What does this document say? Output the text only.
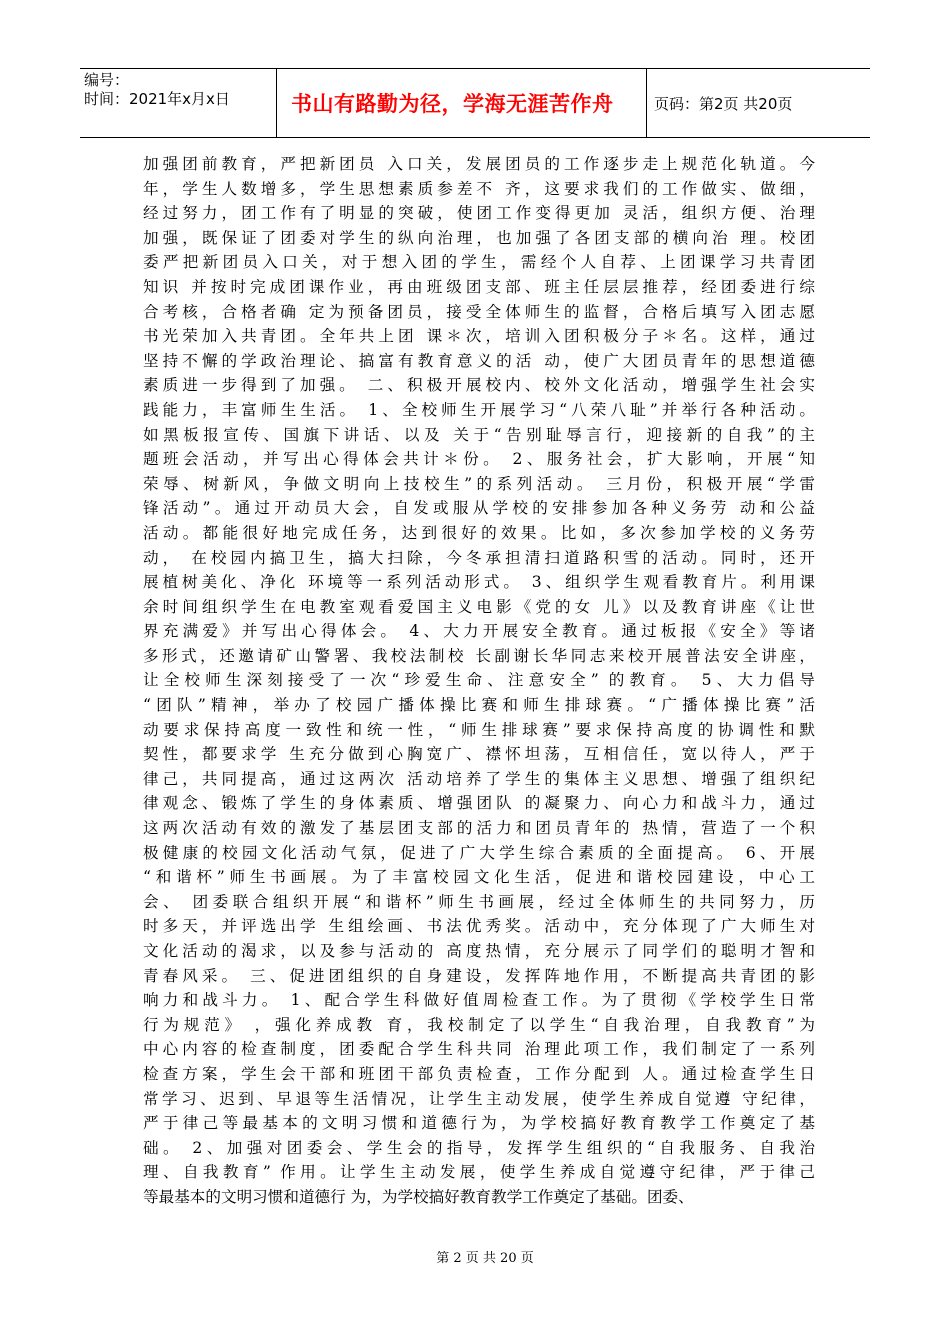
编号：
时间：2021年x月x日	书山有路勤为径，学海无涯苦作舟	页码：第2页 共20页
加强团前教育，严把新团员 入口关，发展团员的工作逐步走上规范化轨道。今
年，学生人数增多，学生思想素质参差不 齐，这要求我们的工作做实、做细，
经过努力，团工作有了明显的突破，使团工作变得更加 灵活，组织方便、治理
加强，既保证了团委对学生的纵向治理，也加强了各团支部的横向治 理。校团
委严把新团员入口关，对于想入团的学生，需经个人自荐、上团课学习共青团
知识 并按时完成团课作业，再由班级团支部、班主任层层推荐，经团委进行综
合考核，合格者确 定为预备团员，接受全体师生的监督，合格后填写入团志愿
书光荣加入共青团。全年共上团 课＊次，培训入团积极分子＊名。这样，通过
坚持不懈的学政治理论、搞富有教育意义的活 动，使广大团员青年的思想道德
素质进一步得到了加强。 二、积极开展校内、校外文化活动，增强学生社会实
践能力，丰富师生生活。 1、全校师生开展学习“八荣八耻”并举行各种活动。
如黑板报宣传、国旗下讲话、以及 关于“告别耻辱言行，迎接新的自我”的主
题班会活动，并写出心得体会共计＊份。 2、服务社会，扩大影响，开展“知
荣辱、树新风，争做文明向上技校生”的系列活动。 三月份，积极开展“学雷
锋活动”。通过开动员大会，自发或服从学校的安排参加各种义务劳 动和公益
活动。都能很好地完成任务，达到很好的效果。比如，多次参加学校的义务劳
动， 在校园内搞卫生，搞大扫除，今冬承担清扫道路积雪的活动。同时，还开
展植树美化、净化 环境等一系列活动形式。 3、组织学生观看教育片。利用课
余时间组织学生在电教室观看爱国主义电影《党的女 儿》以及教育讲座《让世
界充满爱》并写出心得体会。 4、大力开展安全教育。通过板报《安全》等诸
多形式，还邀请矿山警署、我校法制校 长副谢长华同志来校开展普法安全讲座，
让全校师生深刻接受了一次“珍爱生命、注意安全” 的教育。 5、大力倡导
“团队”精神，举办了校园广播体操比赛和师生排球赛。“广播体操比赛”活
动要求保持高度一致性和统一性，“师生排球赛”要求保持高度的协调性和默
契性，都要求学 生充分做到心胸宽广、襟怀坦荡，互相信任，宽以待人，严于
律己，共同提高，通过这两次 活动培养了学生的集体主义思想、增强了组织纪
律观念、锻炼了学生的身体素质、增强团队 的凝聚力、向心力和战斗力，通过
这两次活动有效的激发了基层团支部的活力和团员青年的 热情，营造了一个积
极健康的校园文化活动气氛，促进了广大学生综合素质的全面提高。 6、开展
“和谐杯”师生书画展。为了丰富校园文化生活，促进和谐校园建设，中心工
会、 团委联合组织开展“和谐杯”师生书画展，经过全体师生的共同努力，历
时多天，并评选出学 生组绘画、书法优秀奖。活动中，充分体现了广大师生对
文化活动的渴求，以及参与活动的 高度热情，充分展示了同学们的聪明才智和
青春风采。 三、促进团组织的自身建设，发挥阵地作用，不断提高共青团的影
响力和战斗力。 1、配合学生科做好值周检查工作。为了贯彻《学校学生日常
行为规范》 ，强化养成教 育，我校制定了以学生“自我治理，自我教育”为
中心内容的检查制度，团委配合学生科共同 治理此项工作，我们制定了一系列
检查方案，学生会干部和班团干部负责检查，工作分配到 人。通过检查学生日
常学习、迟到、早退等生活情况，让学生主动发展，使学生养成自觉遵 守纪律，
严于律己等最基本的文明习惯和道德行为，为学校搞好教育教学工作奠定了基
础。 2、加强对团委会、学生会的指导，发挥学生组织的“自我服务、自我治
理、自我教育” 作用。让学生主动发展，使学生养成自觉遵守纪律，严于律己
等最基本的文明习惯和道德行 为，为学校搞好教育教学工作奠定了基础。团委、
第 2 页 共 20 页
